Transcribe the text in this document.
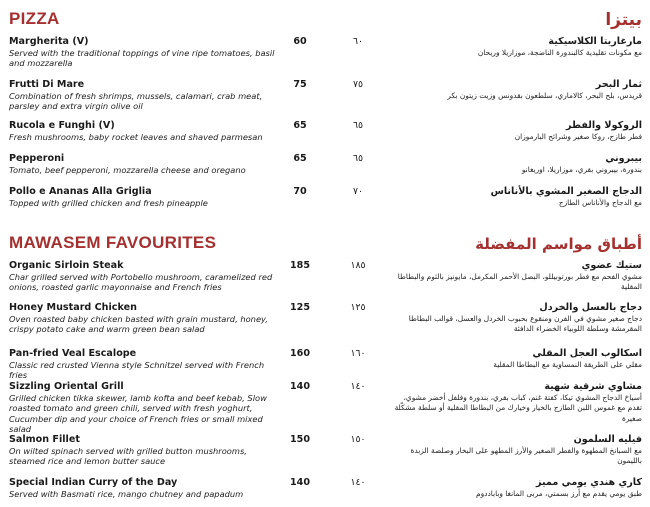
PIZZA	بيتزا
Margherita (V)
Served with the traditional toppings of vine ripe tomatoes, basil and mozzarella
60	٦٠	مارغاريتا الكلاسيكية
مع مكونات تقليدية كالبندورة الناضجة، موزاريلا وريحان
Frutti Di Mare
Combination of fresh shrimps, mussels, calamari, crab meat, parsley and extra virgin olive oil
75	٧٥	ثمار البحر
قريدس، بلح البحر، كالاماري، سلطعون بقدونس وزيت زيتون بكر
Rucola e Funghi (V)
Fresh mushrooms, baby rocket leaves and shaved parmesan
65	٦٥	الروكولا والفطر
فطر طازج، روكا صغير وشرائح البارموزان
Pepperoni
Tomato, beef pepperoni, mozzarella cheese and oregano
65	٦٥	بيبروني
بندورة، بيبروني بقري، موزاريلا، اوريغانو
Pollo e Ananas Alla Griglia
Topped with grilled chicken and fresh pineapple
70	٧٠	الدجاج الصغير المشوي بالأناناس
مع الدجاج والأناناس الطازج
MAWASEM FAVOURITES	أطباق مواسم المفضلة
Organic Sirloin Steak
Char grilled served with Portobello mushroom, caramelized red onions, roasted garlic mayonnaise and French fries
185	١٨٥	ستيك عضوي
مشوي الفحم مع فطر بورتوبيللو، البصل الأحمر المكرمل، مايونيز بالثوم والبطاطا المقلية
Honey Mustard Chicken
Oven roasted baby chicken basted with grain mustard, honey, crispy potato cake and warm green bean salad
125	١٢٥	دجاج بالعسل والخردل
دجاج صغير مشوي في الفرن ومنقوع بحبوب الخردل والعسل، قوالب البطاطا المقرمشة وسلطة اللوبياء الخضراء الدافئة
Pan-fried Veal Escalope
Classic red crusted Vienna style Schnitzel served with French fries
160	١٦٠	اسكالوب العجل المقلي
مقلي على الطريقة النمساوية مع البطاطا المقلية
Sizzling Oriental Grill
Grilled chicken tikka skewer, lamb kofta and beef kebab, Slow roasted tomato and green chili, served with fresh yoghurt, Cucumber dip and your choice of French fries or small mixed salad
140	١٤٠	مشاوي شرقية شهية
أسياخ الدجاج المشوي تيكا، كفتة غنم، كباب بقري، بندورة وفلفل أخضر مشوي، تقدم مع غموس اللبن الطازج بالخيار وخيارك من البطاطا المقلية أو سلطة مشكّلة صغيرة
Salmon Fillet
On wilted spinach served with grilled button mushrooms, steamed rice and lemon butter sauce
150	١٥٠	فيليه السلمون
مع السبانخ المطهوة والفطر الصغير والأرز المطهو على البخار وصلصة الزبدة بالليمون
Special Indian Curry of the Day
Served with Basmati rice, mango chutney and papadum
140	١٤٠	كاري هندي يومي مميز
طبق يومي يقدم مع أرز بسمتي، مربى المانغا وباباددوم
